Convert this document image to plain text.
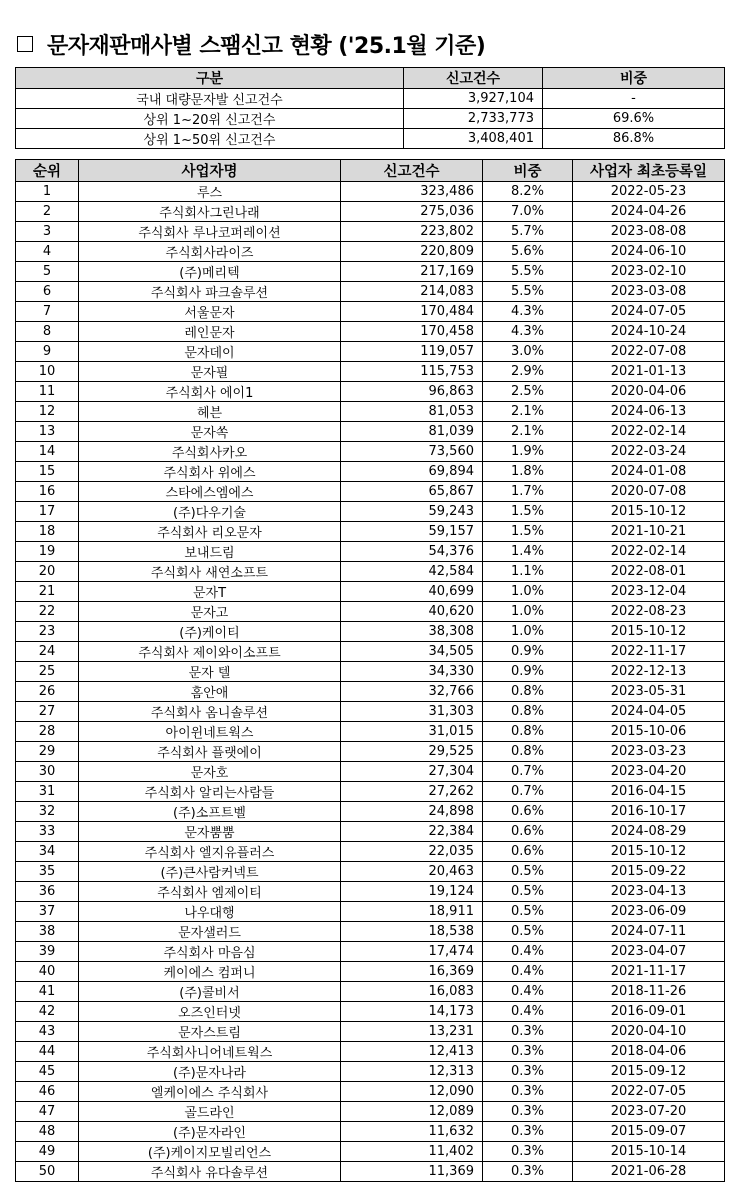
문자재판매사별 스팸신고 현황 ('25.1월 기준)
구분	신고건수	비중
국내 대량문자발 신고건수	3,927,104	-
상위 1~20위 신고건수	2,733,773	69.6%
상위 1~50위 신고건수	3,408,401	86.8%
순위	사업자명	신고건수	비중	사업자 최초등록일
1	루스	323,486	8.2%	2022-05-23
2	주식회사그린나래	275,036	7.0%	2024-04-26
3	주식회사 루나코퍼레이션	223,802	5.7%	2023-08-08
4	주식회사라이즈	220,809	5.6%	2024-06-10
5	(주)메리텍	217,169	5.5%	2023-02-10
6	주식회사 파크솔루션	214,083	5.5%	2023-03-08
7	서울문자	170,484	4.3%	2024-07-05
8	레인문자	170,458	4.3%	2024-10-24
9	문자데이	119,057	3.0%	2022-07-08
10	문자필	115,753	2.9%	2021-01-13
11	주식회사 에이1	96,863	2.5%	2020-04-06
12	헤븐	81,053	2.1%	2024-06-13
13	문자쏙	81,039	2.1%	2022-02-14
14	주식회사카오	73,560	1.9%	2022-03-24
15	주식회사 위에스	69,894	1.8%	2024-01-08
16	스타에스엠에스	65,867	1.7%	2020-07-08
17	(주)다우기술	59,243	1.5%	2015-10-12
18	주식회사 리오문자	59,157	1.5%	2021-10-21
19	보내드림	54,376	1.4%	2022-02-14
20	주식회사 새연소프트	42,584	1.1%	2022-08-01
21	문자T	40,699	1.0%	2023-12-04
22	문자고	40,620	1.0%	2022-08-23
23	(주)케이티	38,308	1.0%	2015-10-12
24	주식회사 제이와이소프트	34,505	0.9%	2022-11-17
25	문자 텔	34,330	0.9%	2022-12-13
26	홈안애	32,766	0.8%	2023-05-31
27	주식회사 옴니솔루션	31,303	0.8%	2024-04-05
28	아이윈네트웍스	31,015	0.8%	2015-10-06
29	주식회사 플랫에이	29,525	0.8%	2023-03-23
30	문자호	27,304	0.7%	2023-04-20
31	주식회사 알리는사람들	27,262	0.7%	2016-04-15
32	(주)소프트벨	24,898	0.6%	2016-10-17
33	문자뿜뿜	22,384	0.6%	2024-08-29
34	주식회사 엘지유플러스	22,035	0.6%	2015-10-12
35	(주)큰사람커넥트	20,463	0.5%	2015-09-22
36	주식회사 엠제이티	19,124	0.5%	2023-04-13
37	나우대행	18,911	0.5%	2023-06-09
38	문자샐러드	18,538	0.5%	2024-07-11
39	주식회사 마음심	17,474	0.4%	2023-04-07
40	케이에스 컴퍼니	16,369	0.4%	2021-11-17
41	(주)콜비서	16,083	0.4%	2018-11-26
42	오즈인터넷	14,173	0.4%	2016-09-01
43	문자스트림	13,231	0.3%	2020-04-10
44	주식회사니어네트웍스	12,413	0.3%	2018-04-06
45	(주)문자나라	12,313	0.3%	2015-09-12
46	엘케이에스 주식회사	12,090	0.3%	2022-07-05
47	골드라인	12,089	0.3%	2023-07-20
48	(주)문자라인	11,632	0.3%	2015-09-07
49	(주)케이지모빌리언스	11,402	0.3%	2015-10-14
50	주식회사 유다솔루션	11,369	0.3%	2021-06-28
